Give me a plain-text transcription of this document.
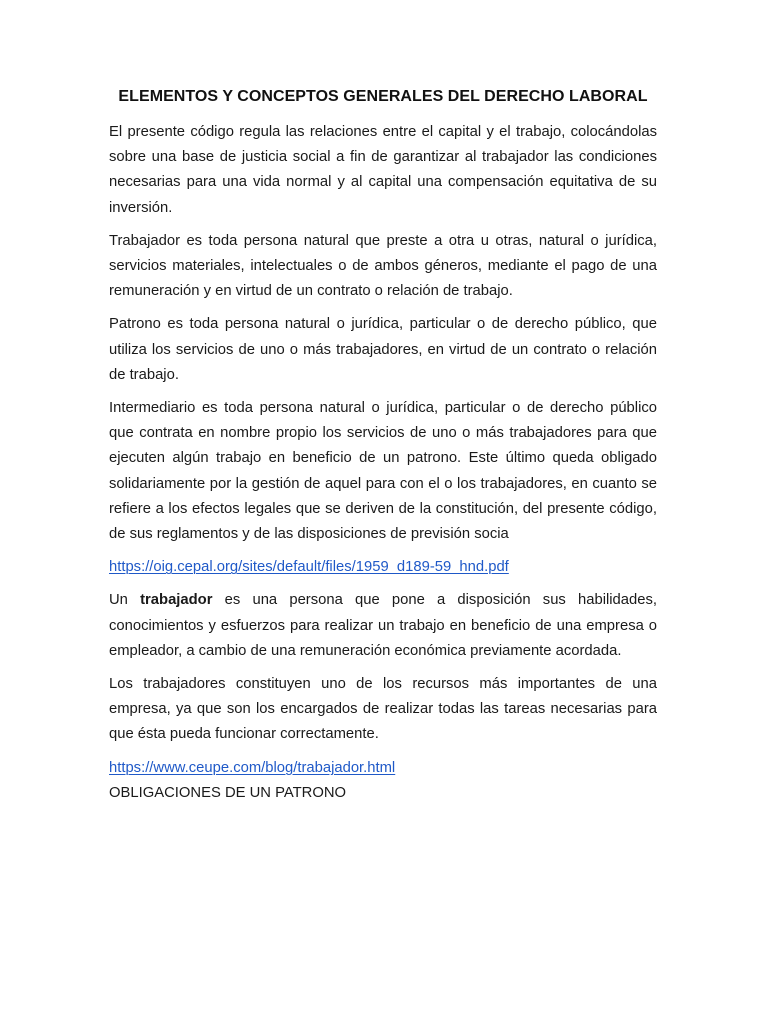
ELEMENTOS Y CONCEPTOS GENERALES DEL DERECHO LABORAL

El presente código regula las relaciones entre el capital y el trabajo, colocándolas sobre una base de justicia social a fin de garantizar al trabajador las condiciones necesarias para una vida normal y al capital una compensación equitativa de su inversión.

Trabajador es toda persona natural que preste a otra u otras, natural o jurídica, servicios materiales, intelectuales o de ambos géneros, mediante el pago de una remuneración y en virtud de un contrato o relación de trabajo.

Patrono es toda persona natural o jurídica, particular o de derecho público, que utiliza los servicios de uno o más trabajadores, en virtud de un contrato o relación de trabajo.

Intermediario es toda persona natural o jurídica, particular o de derecho público que contrata en nombre propio los servicios de uno o más trabajadores para que ejecuten algún trabajo en beneficio de un patrono. Este último queda obligado solidariamente por la gestión de aquel para con el o los trabajadores, en cuanto se refiere a los efectos legales que se deriven de la constitución, del presente código, de sus reglamentos y de las disposiciones de previsión socia

https://oig.cepal.org/sites/default/files/1959_d189-59_hnd.pdf

Un trabajador es una persona que pone a disposición sus habilidades, conocimientos y esfuerzos para realizar un trabajo en beneficio de una empresa o empleador, a cambio de una remuneración económica previamente acordada.

Los trabajadores constituyen uno de los recursos más importantes de una empresa, ya que son los encargados de realizar todas las tareas necesarias para que ésta pueda funcionar correctamente.

https://www.ceupe.com/blog/trabajador.html

OBLIGACIONES DE UN PATRONO
